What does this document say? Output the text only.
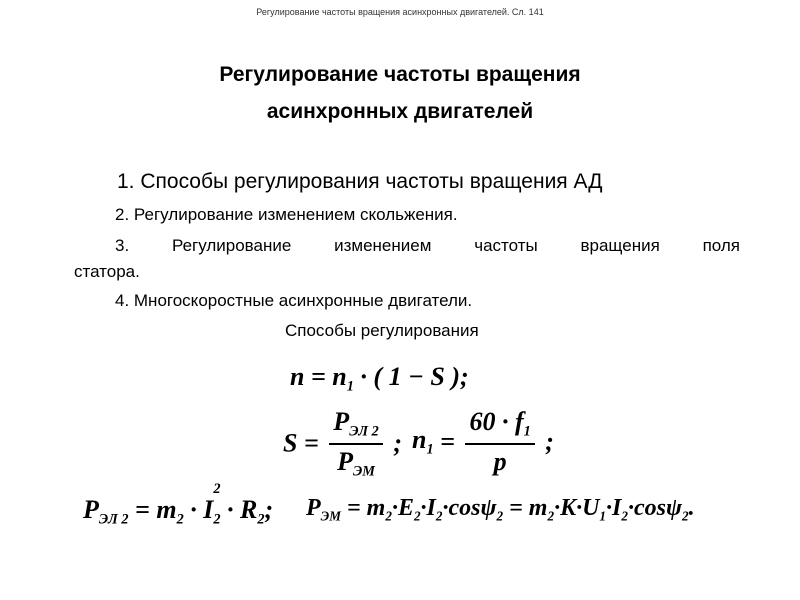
Регулирование частоты вращения асинхронных двигателей. Сл. 141
Регулирование частоты вращения
асинхронных двигателей
1. Способы регулирования частоты вращения АД
2. Регулирование изменением скольжения.
3. Регулирование изменением частоты вращения поля
статора.
4. Многоскоростные асинхронные двигатели.
Способы регулирования
$n = n_1$ · ( 1 − S );
$S = \frac{P_{ЭЛ 2}}{P_{ЭМ}}$ ; $n_1 = \frac{60 \cdot f_1}{p}$ ;
$P_{ЭЛ 2} = m_2 \cdot I$
2
$_2 \cdot R_2$; $P_{ЭМ} = m_2\cdot E_2\cdot I_2\cdot\cos\psi_2 = m_2\cdot K\cdot U_1\cdot I_2\cdot\cos\psi_2$.
